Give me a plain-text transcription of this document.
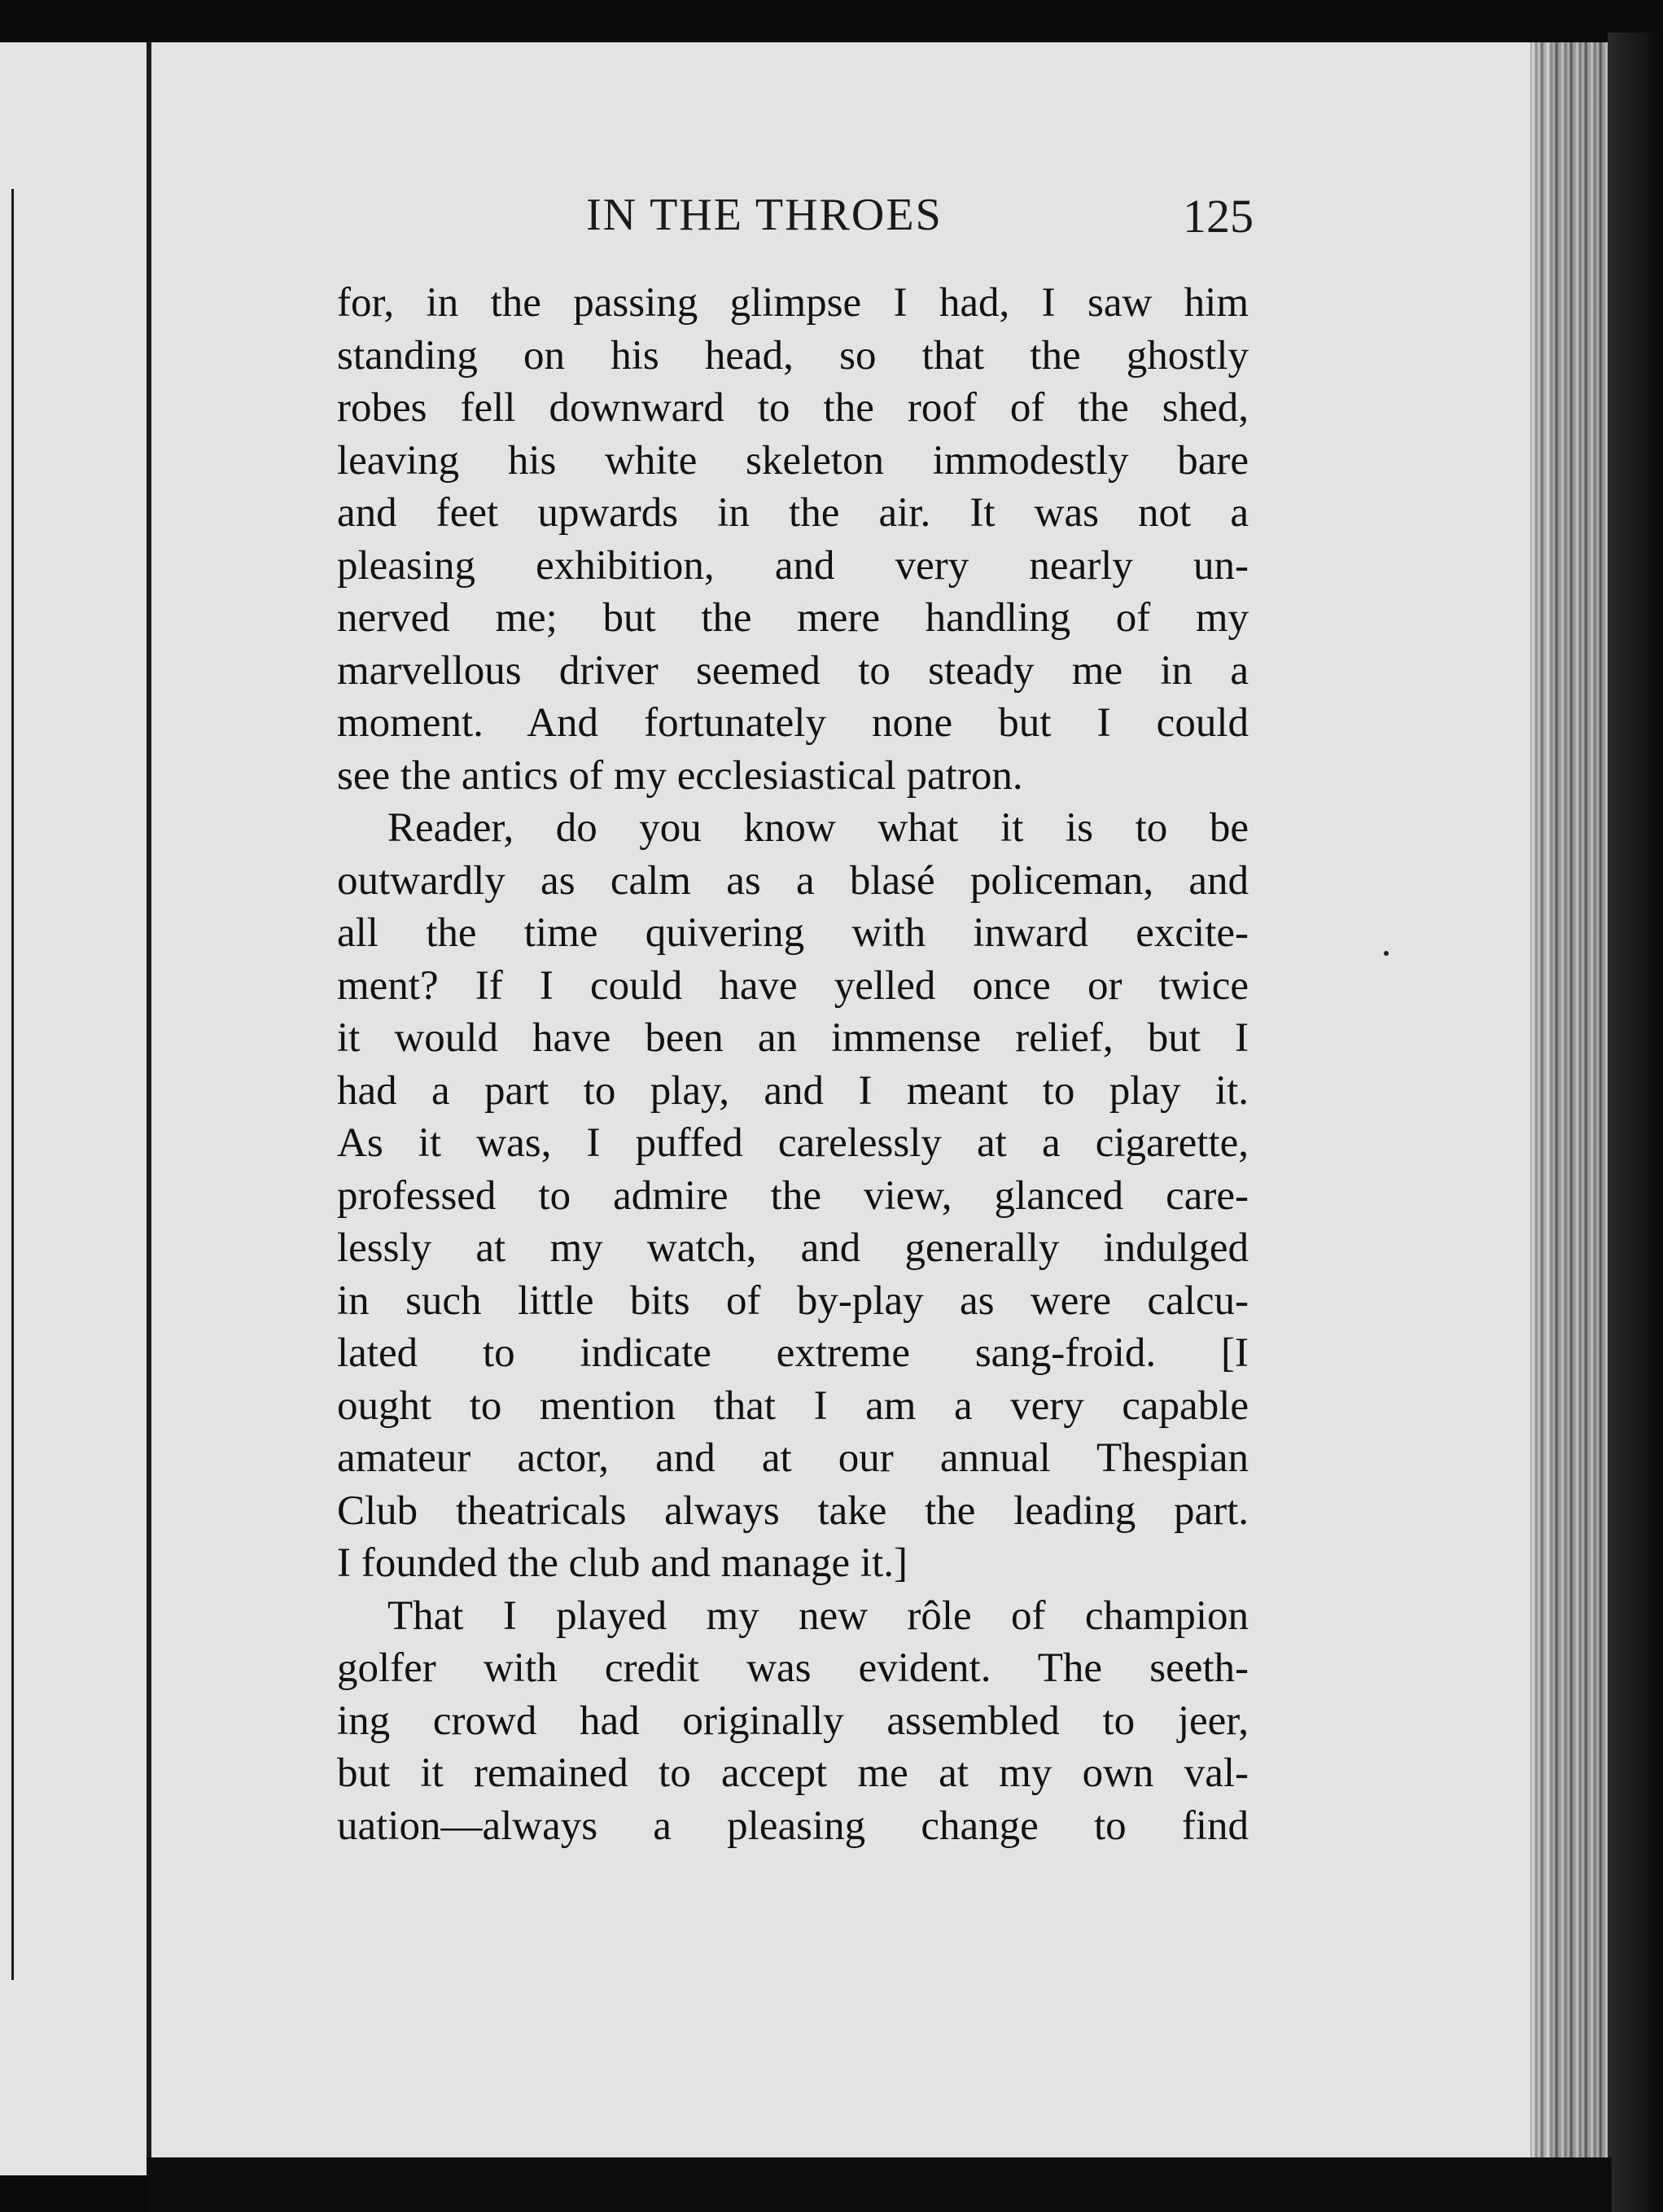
IN THE THROES	125
for, in the passing glimpse I had, I saw him
standing on his head, so that the ghostly
robes fell downward to the roof of the shed,
leaving his white skeleton immodestly bare
and feet upwards in the air. It was not a
pleasing exhibition, and very nearly un-
nerved me; but the mere handling of my
marvellous driver seemed to steady me in a
moment. And fortunately none but I could
see the antics of my ecclesiastical patron.
Reader, do you know what it is to be
outwardly as calm as a blasé policeman, and
all the time quivering with inward excite-
ment? If I could have yelled once or twice
it would have been an immense relief, but I
had a part to play, and I meant to play it.
As it was, I puffed carelessly at a cigarette,
professed to admire the view, glanced care-
lessly at my watch, and generally indulged
in such little bits of by-play as were calcu-
lated to indicate extreme sang-froid. [I
ought to mention that I am a very capable
amateur actor, and at our annual Thespian
Club theatricals always take the leading part.
I founded the club and manage it.]
That I played my new rôle of champion
golfer with credit was evident. The seeth-
ing crowd had originally assembled to jeer,
but it remained to accept me at my own val-
uation—always a pleasing change to find
